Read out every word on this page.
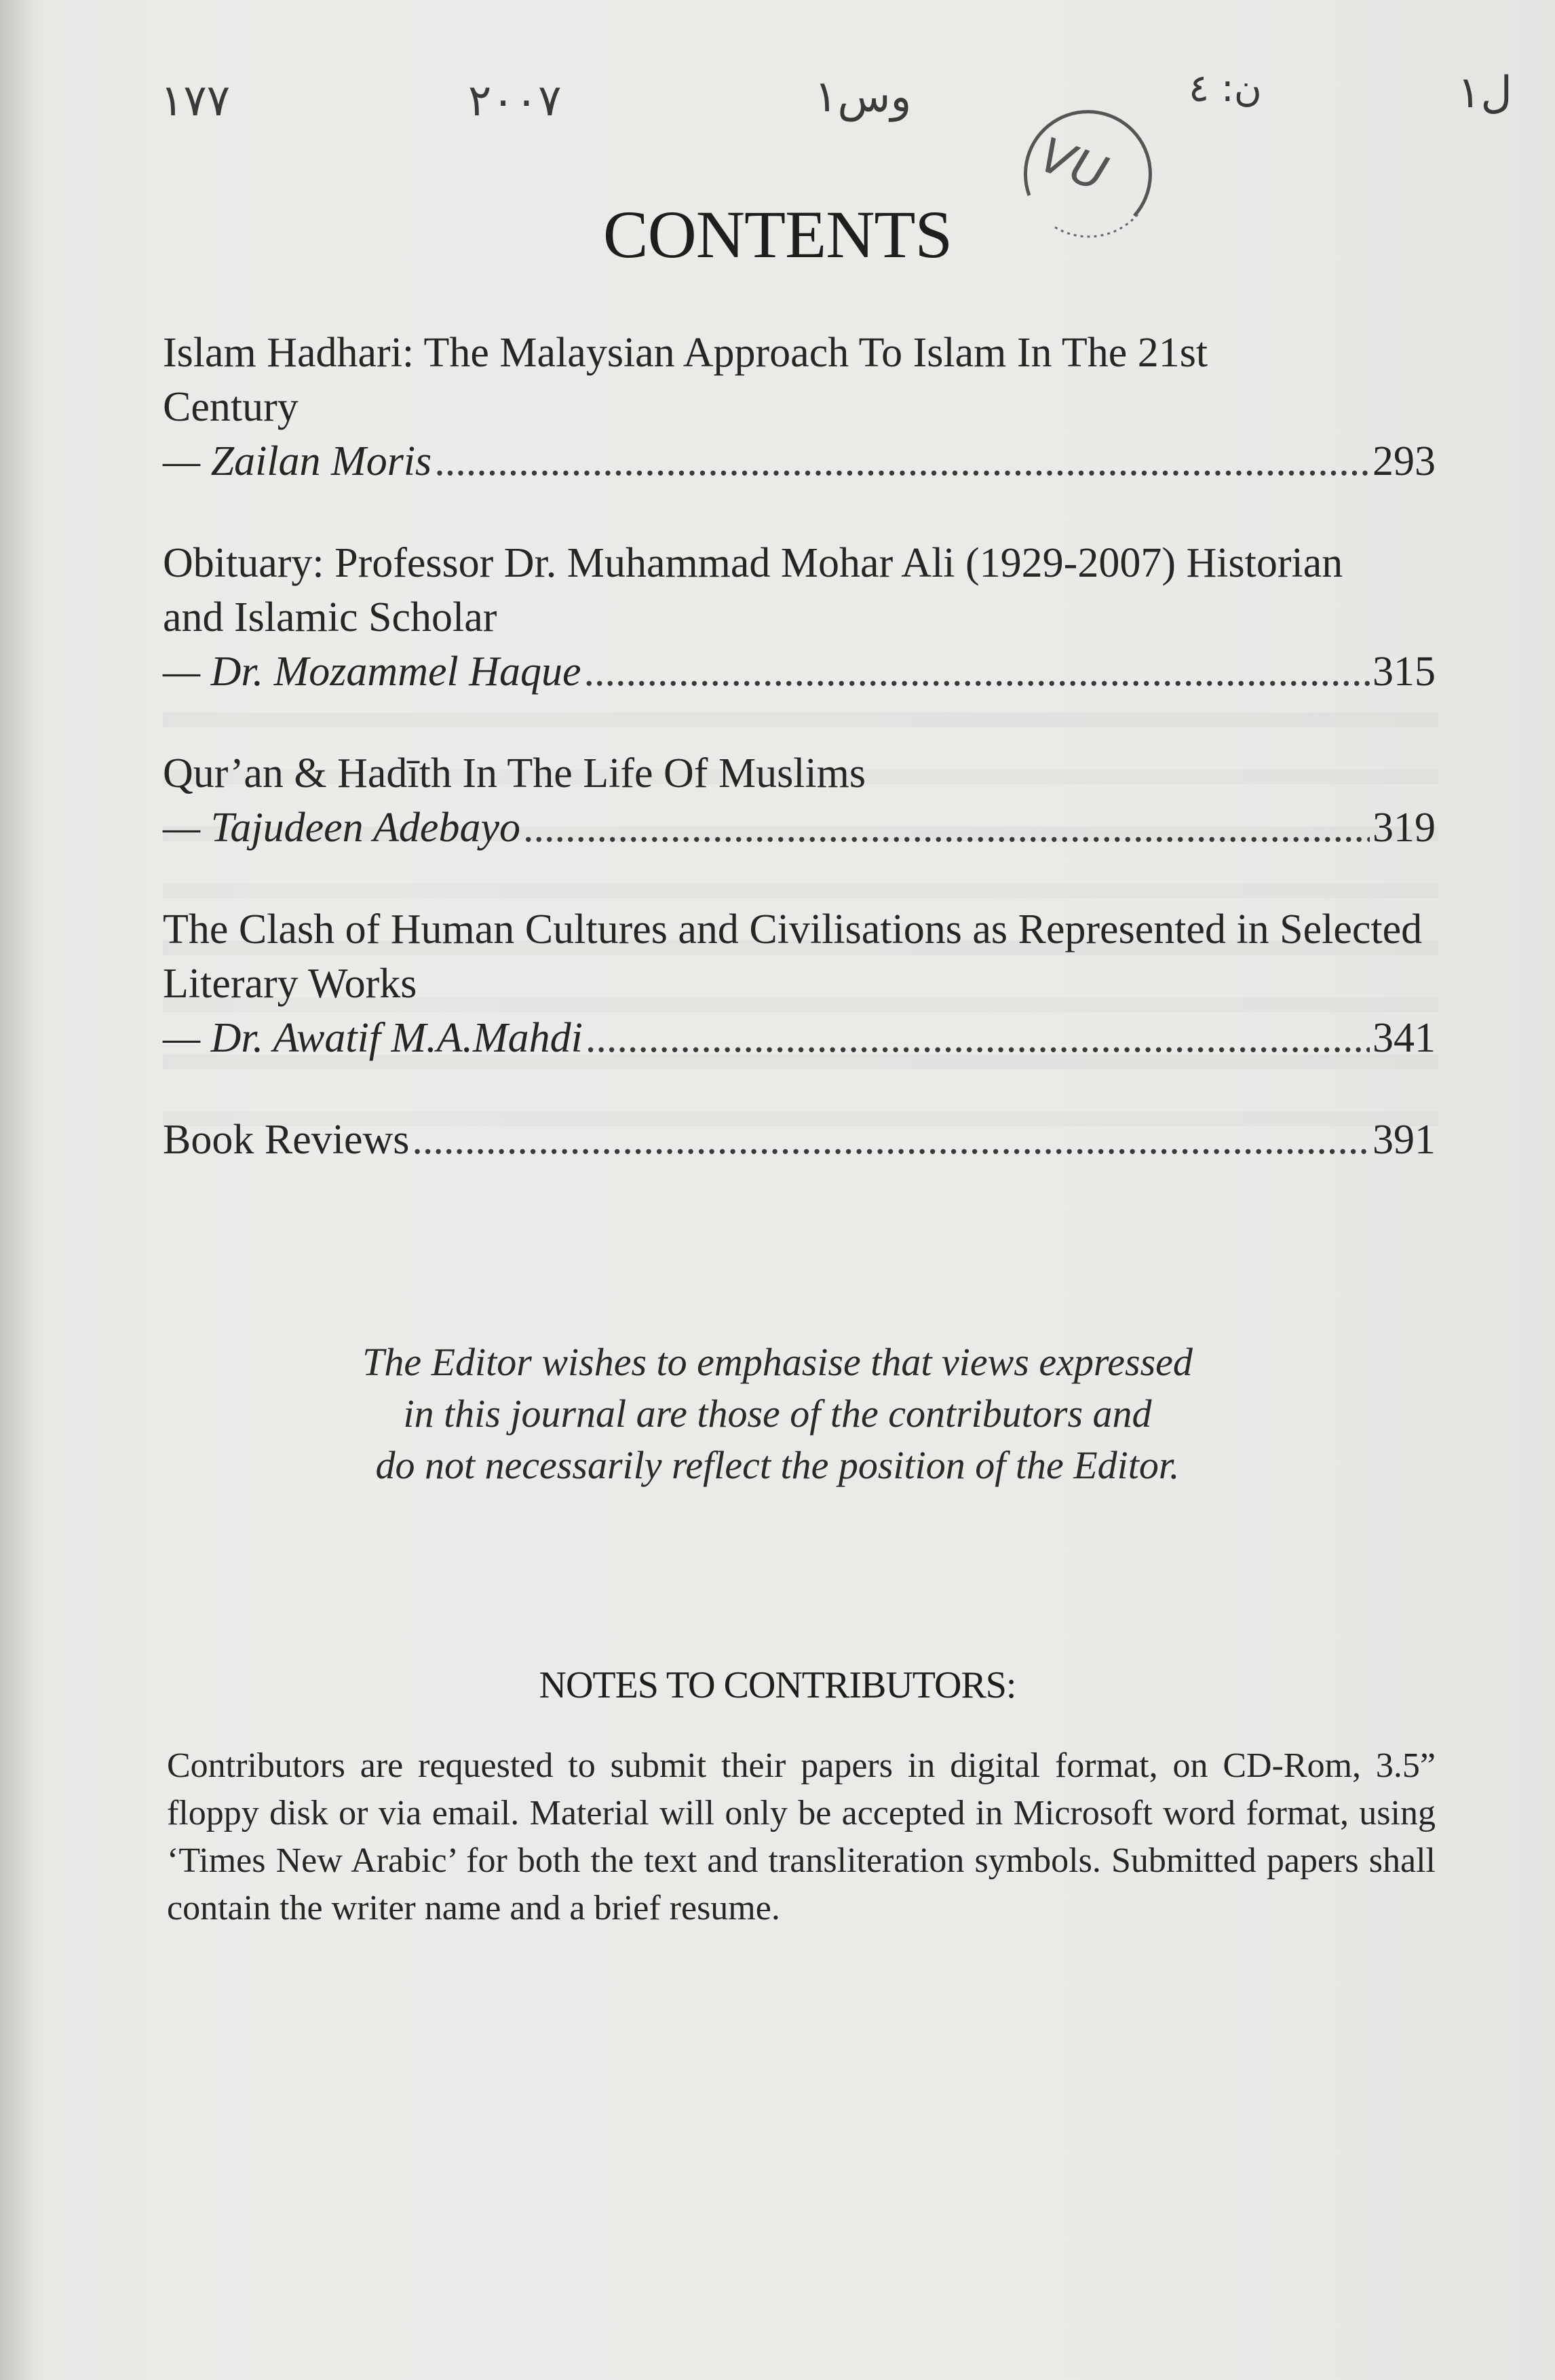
١٧٧	٢٠٠٧	وس١	ن: ٤	ل١
VU
CONTENTS
Islam Hadhari: The Malaysian Approach To Islam In The 21st Century
— Zailan Moris .....	293
Obituary: Professor Dr. Muhammad Mohar Ali (1929-2007) Historian and Islamic Scholar
— Dr. Mozammel Haque .....	315
Qur’an & Hadīth In The Life Of Muslims
— Tajudeen Adebayo .....	319
The Clash of Human Cultures and Civilisations as Represented in Selected Literary Works
— Dr. Awatif M.A.Mahdi .....	341
Book Reviews .....	391
The Editor wishes to emphasise that views expressed
in this journal are those of the contributors and
do not necessarily reflect the position of the Editor.
NOTES TO CONTRIBUTORS:
Contributors are requested to submit their papers in digital format, on CD-Rom, 3.5” floppy disk or via email. Material will only be accepted in Microsoft word format, using ‘Times New Arabic’ for both the text and transliteration symbols. Submitted papers shall contain the writer name and a brief resume.
